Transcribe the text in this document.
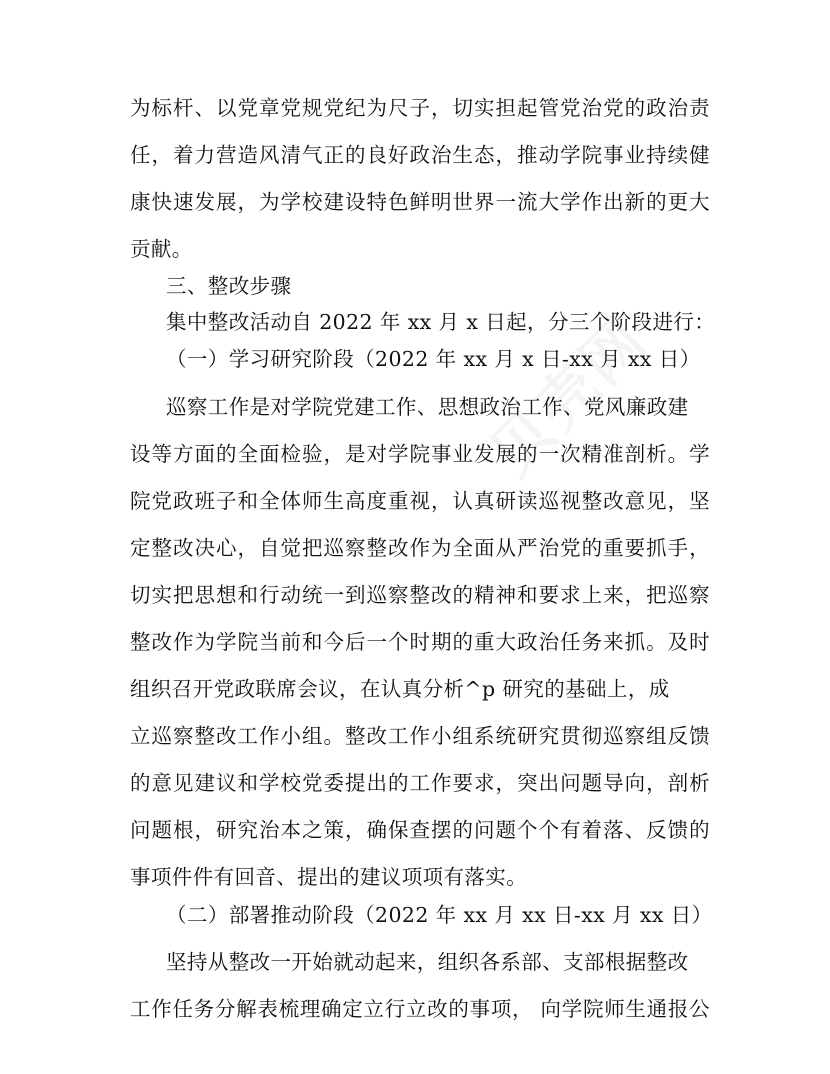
为标杆、以党章党规党纪为尺子，切实担起管党治党的政治责
任，着力营造风清气正的良好政治生态，推动学院事业持续健
康快速发展，为学校建设特色鲜明世界一流大学作出新的更大
贡献。
三、整改步骤
集中整改活动自 2022 年 xx 月 x 日起，分三个阶段进行：
（一）学习研究阶段（2022 年 xx 月 x 日-xx 月 xx 日）
巡察工作是对学院党建工作、思想政治工作、党风廉政建
设等方面的全面检验，是对学院事业发展的一次精准剖析。学
院党政班子和全体师生高度重视，认真研读巡视整改意见，坚
定整改决心，自觉把巡察整改作为全面从严治党的重要抓手，
切实把思想和行动统一到巡察整改的精神和要求上来，把巡察
整改作为学院当前和今后一个时期的重大政治任务来抓。及时
组织召开党政联席会议，在认真分析^p 研究的基础上，成
立巡察整改工作小组。整改工作小组系统研究贯彻巡察组反馈
的意见建议和学校党委提出的工作要求，突出问题导向，剖析
问题根，研究治本之策，确保查摆的问题个个有着落、反馈的
事项件件有回音、提出的建议项项有落实。
（二）部署推动阶段（2022 年 xx 月 xx 日-xx 月 xx 日）
坚持从整改一开始就动起来，组织各系部、支部根据整改
工作任务分解表梳理确定立行立改的事项， 向学院师生通报公
